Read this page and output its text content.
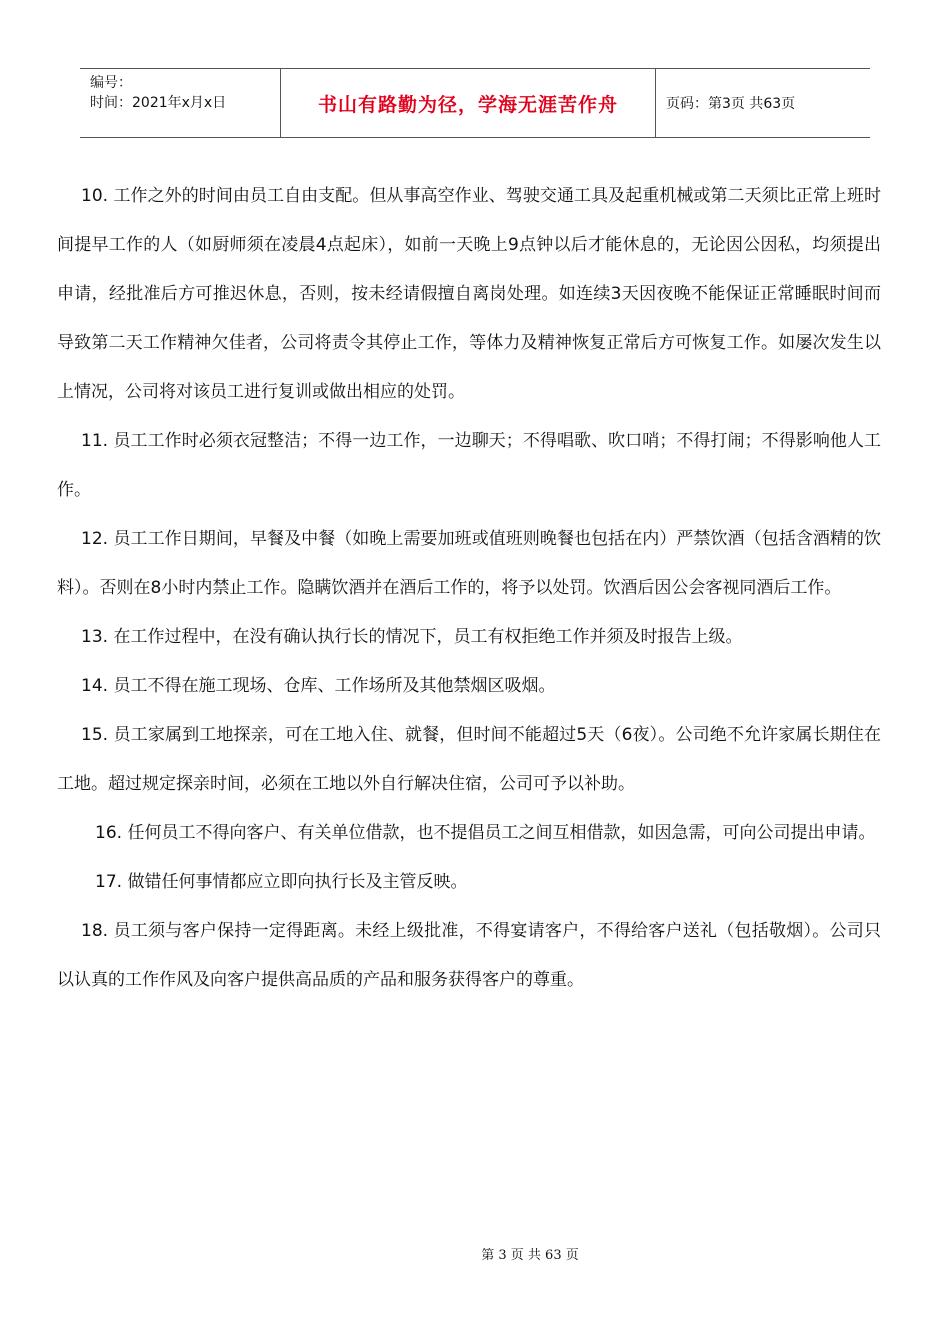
编号：
时间：2021年x月x日	书山有路勤为径，学海无涯苦作舟	页码：第3页 共63页

10. 工作之外的时间由员工自由支配。但从事高空作业、驾驶交通工具及起重机械或第二天须比正常上班时间提早工作的人（如厨师须在凌晨4点起床），如前一天晚上9点钟以后才能休息的，无论因公因私，均须提出申请，经批准后方可推迟休息，否则，按未经请假擅自离岗处理。如连续3天因夜晚不能保证正常睡眠时间而导致第二天工作精神欠佳者，公司将责令其停止工作，等体力及精神恢复正常后方可恢复工作。如屡次发生以上情况，公司将对该员工进行复训或做出相应的处罚。

11. 员工工作时必须衣冠整洁；不得一边工作，一边聊天；不得唱歌、吹口哨；不得打闹；不得影响他人工作。

12. 员工工作日期间，早餐及中餐（如晚上需要加班或值班则晚餐也包括在内）严禁饮酒（包括含酒精的饮料）。否则在8小时内禁止工作。隐瞒饮酒并在酒后工作的，将予以处罚。饮酒后因公会客视同酒后工作。

13. 在工作过程中，在没有确认执行长的情况下，员工有权拒绝工作并须及时报告上级。

14. 员工不得在施工现场、仓库、工作场所及其他禁烟区吸烟。

15. 员工家属到工地探亲，可在工地入住、就餐，但时间不能超过5天（6夜）。公司绝不允许家属长期住在工地。超过规定探亲时间，必须在工地以外自行解决住宿，公司可予以补助。

16. 任何员工不得向客户、有关单位借款，也不提倡员工之间互相借款，如因急需，可向公司提出申请。

17. 做错任何事情都应立即向执行长及主管反映。

18. 员工须与客户保持一定得距离。未经上级批准，不得宴请客户，不得给客户送礼（包括敬烟）。公司只以认真的工作作风及向客户提供高品质的产品和服务获得客户的尊重。

第 3 页 共 63 页
